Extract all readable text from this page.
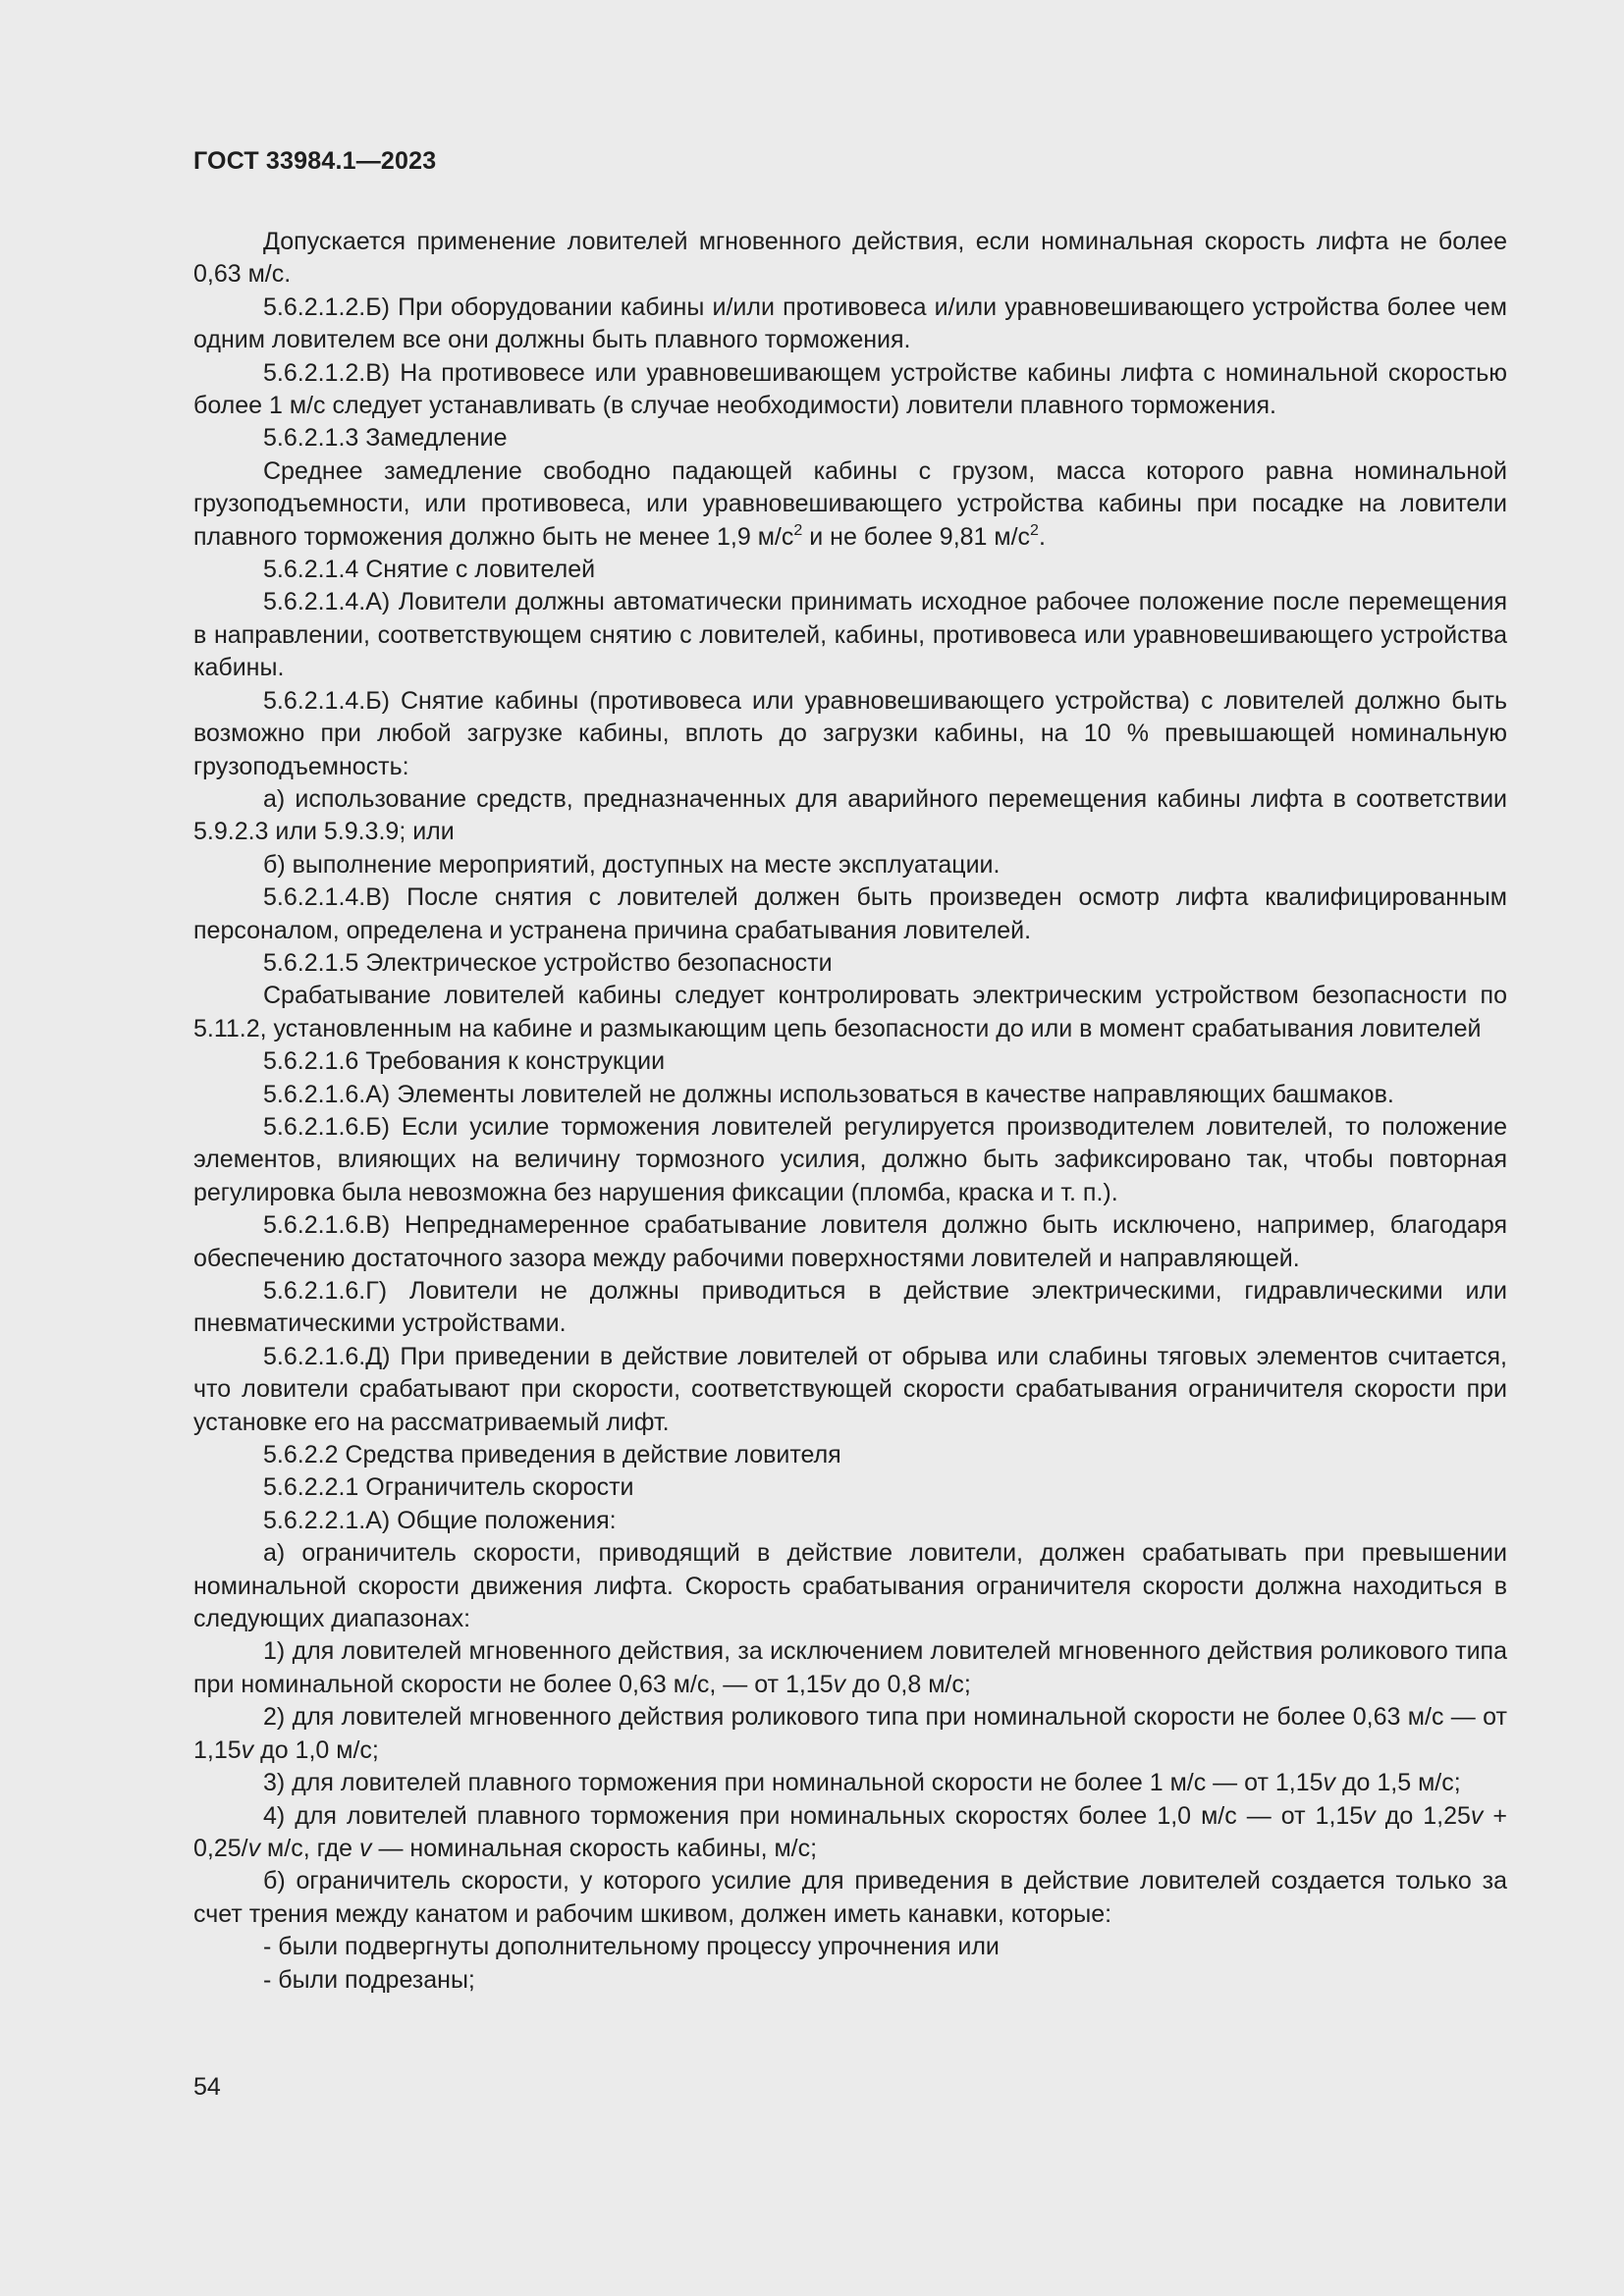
ГОСТ 33984.1—2023

Допускается применение ловителей мгновенного действия, если номинальная скорость лифта не более 0,63 м/с.

5.6.2.1.2.Б) При оборудовании кабины и/или противовеса и/или уравновешивающего устройства более чем одним ловителем все они должны быть плавного торможения.

5.6.2.1.2.В) На противовесе или уравновешивающем устройстве кабины лифта с номинальной скоростью более 1 м/с следует устанавливать (в случае необходимости) ловители плавного торможения.

5.6.2.1.3 Замедление

Среднее замедление свободно падающей кабины с грузом, масса которого равна номинальной грузоподъемности, или противовеса, или уравновешивающего устройства кабины при посадке на ловители плавного торможения должно быть не менее 1,9 $м/с^2$ и не более 9,81 $м/с^2$.

5.6.2.1.4 Снятие с ловителей

5.6.2.1.4.А) Ловители должны автоматически принимать исходное рабочее положение после перемещения в направлении, соответствующем снятию с ловителей, кабины, противовеса или уравновешивающего устройства кабины.

5.6.2.1.4.Б) Снятие кабины (противовеса или уравновешивающего устройства) с ловителей должно быть возможно при любой загрузке кабины, вплоть до загрузки кабины, на 10 % превышающей номинальную грузоподъемность:

а) использование средств, предназначенных для аварийного перемещения кабины лифта в соответствии 5.9.2.3 или 5.9.3.9; или

б) выполнение мероприятий, доступных на месте эксплуатации.

5.6.2.1.4.В) После снятия с ловителей должен быть произведен осмотр лифта квалифицированным персоналом, определена и устранена причина срабатывания ловителей.

5.6.2.1.5 Электрическое устройство безопасности

Срабатывание ловителей кабины следует контролировать электрическим устройством безопасности по 5.11.2, установленным на кабине и размыкающим цепь безопасности до или в момент срабатывания ловителей

5.6.2.1.6 Требования к конструкции

5.6.2.1.6.А) Элементы ловителей не должны использоваться в качестве направляющих башмаков.

5.6.2.1.6.Б) Если усилие торможения ловителей регулируется производителем ловителей, то положение элементов, влияющих на величину тормозного усилия, должно быть зафиксировано так, чтобы повторная регулировка была невозможна без нарушения фиксации (пломба, краска и т. п.).

5.6.2.1.6.В) Непреднамеренное срабатывание ловителя должно быть исключено, например, благодаря обеспечению достаточного зазора между рабочими поверхностями ловителей и направляющей.

5.6.2.1.6.Г) Ловители не должны приводиться в действие электрическими, гидравлическими или пневматическими устройствами.

5.6.2.1.6.Д) При приведении в действие ловителей от обрыва или слабины тяговых элементов считается, что ловители срабатывают при скорости, соответствующей скорости срабатывания ограничителя скорости при установке его на рассматриваемый лифт.

5.6.2.2 Средства приведения в действие ловителя

5.6.2.2.1 Ограничитель скорости

5.6.2.2.1.А) Общие положения:

а) ограничитель скорости, приводящий в действие ловители, должен срабатывать при превышении номинальной скорости движения лифта. Скорость срабатывания ограничителя скорости должна находиться в следующих диапазонах:

1) для ловителей мгновенного действия, за исключением ловителей мгновенного действия роликового типа при номинальной скорости не более 0,63 м/с, — от 1,15v до 0,8 м/с;

2) для ловителей мгновенного действия роликового типа при номинальной скорости не более 0,63 м/с — от 1,15v до 1,0 м/с;

3) для ловителей плавного торможения при номинальной скорости не более 1 м/с — от 1,15v до 1,5 м/с;

4) для ловителей плавного торможения при номинальных скоростях более 1,0 м/с — от 1,15v до 1,25v + 0,25/v м/с, где v — номинальная скорость кабины, м/с;

б) ограничитель скорости, у которого усилие для приведения в действие ловителей создается только за счет трения между канатом и рабочим шкивом, должен иметь канавки, которые:

- были подвергнуты дополнительному процессу упрочнения или

- были подрезаны;

54
